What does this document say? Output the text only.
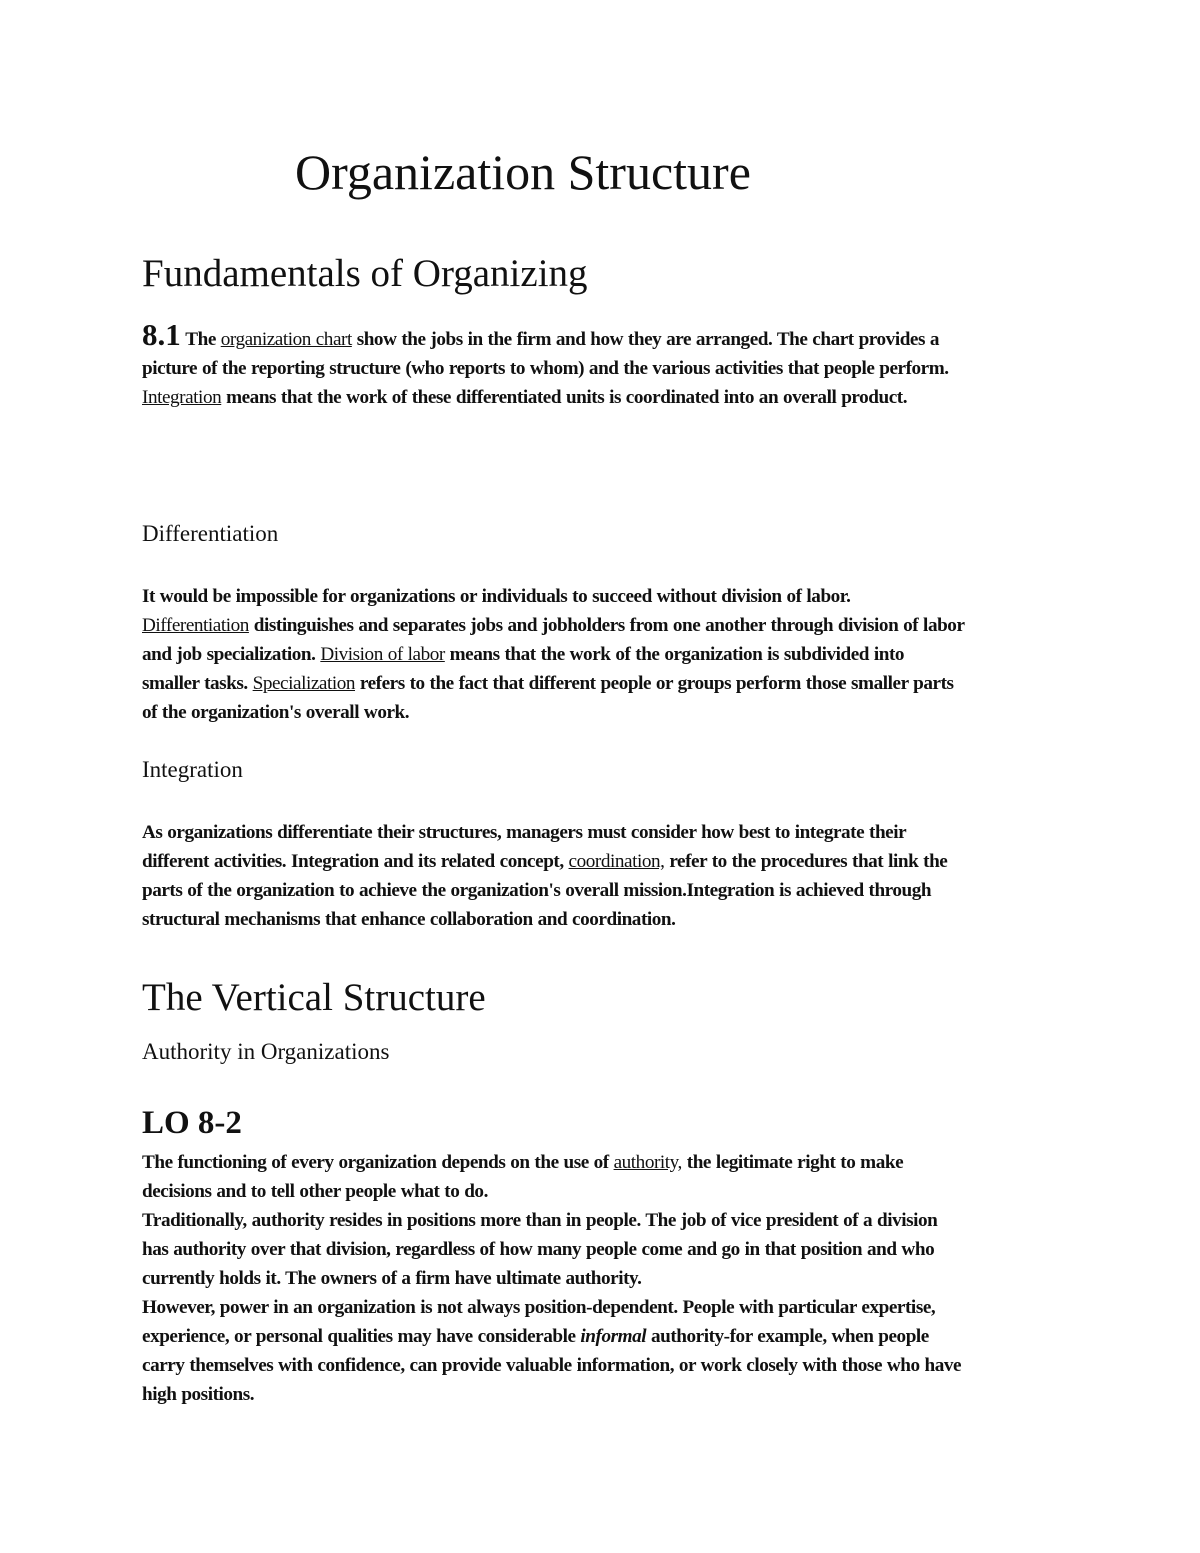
Organization Structure
Fundamentals of Organizing
8.1 The organization chart show the jobs in the firm and how they are arranged. The chart provides a
picture of the reporting structure (who reports to whom) and the various activities that people perform.
Integration means that the work of these differentiated units is coordinated into an overall product.
Differentiation
It would be impossible for organizations or individuals to succeed without division of labor.
Differentiation distinguishes and separates jobs and jobholders from one another through division of labor
and job specialization. Division of labor means that the work of the organization is subdivided into
smaller tasks. Specialization refers to the fact that different people or groups perform those smaller parts
of the organization's overall work.
Integration
As organizations differentiate their structures, managers must consider how best to integrate their
different activities. Integration and its related concept, coordination, refer to the procedures that link the
parts of the organization to achieve the organization's overall mission.Integration is achieved through
structural mechanisms that enhance collaboration and coordination.
The Vertical Structure
Authority in Organizations
LO 8-2
The functioning of every organization depends on the use of authority, the legitimate right to make
decisions and to tell other people what to do.
Traditionally, authority resides in positions more than in people. The job of vice president of a division
has authority over that division, regardless of how many people come and go in that position and who
currently holds it. The owners of a firm have ultimate authority.
However, power in an organization is not always position-dependent. People with particular expertise,
experience, or personal qualities may have considerable informal authority-for example, when people
carry themselves with confidence, can provide valuable information, or work closely with those who have
high positions.
